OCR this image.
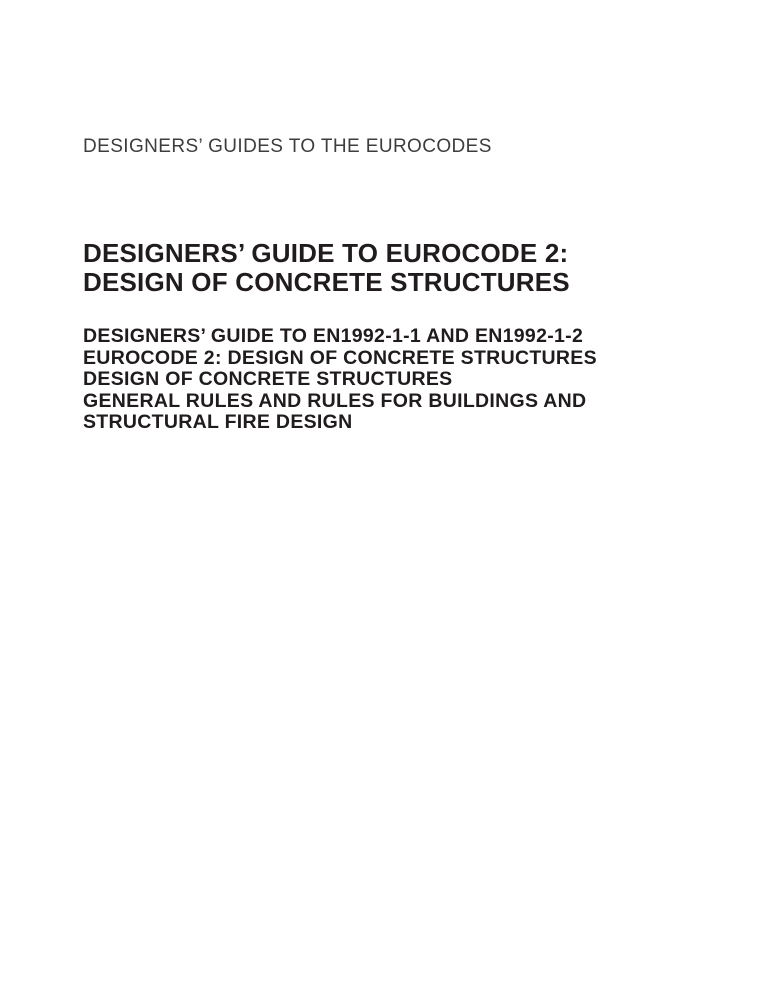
DESIGNERS’ GUIDES TO THE EUROCODES
DESIGNERS’ GUIDE TO EUROCODE 2:
DESIGN OF CONCRETE STRUCTURES
DESIGNERS’ GUIDE TO EN1992-1-1 AND EN1992-1-2
EUROCODE 2: DESIGN OF CONCRETE STRUCTURES
DESIGN OF CONCRETE STRUCTURES
GENERAL RULES AND RULES FOR BUILDINGS AND
STRUCTURAL FIRE DESIGN
